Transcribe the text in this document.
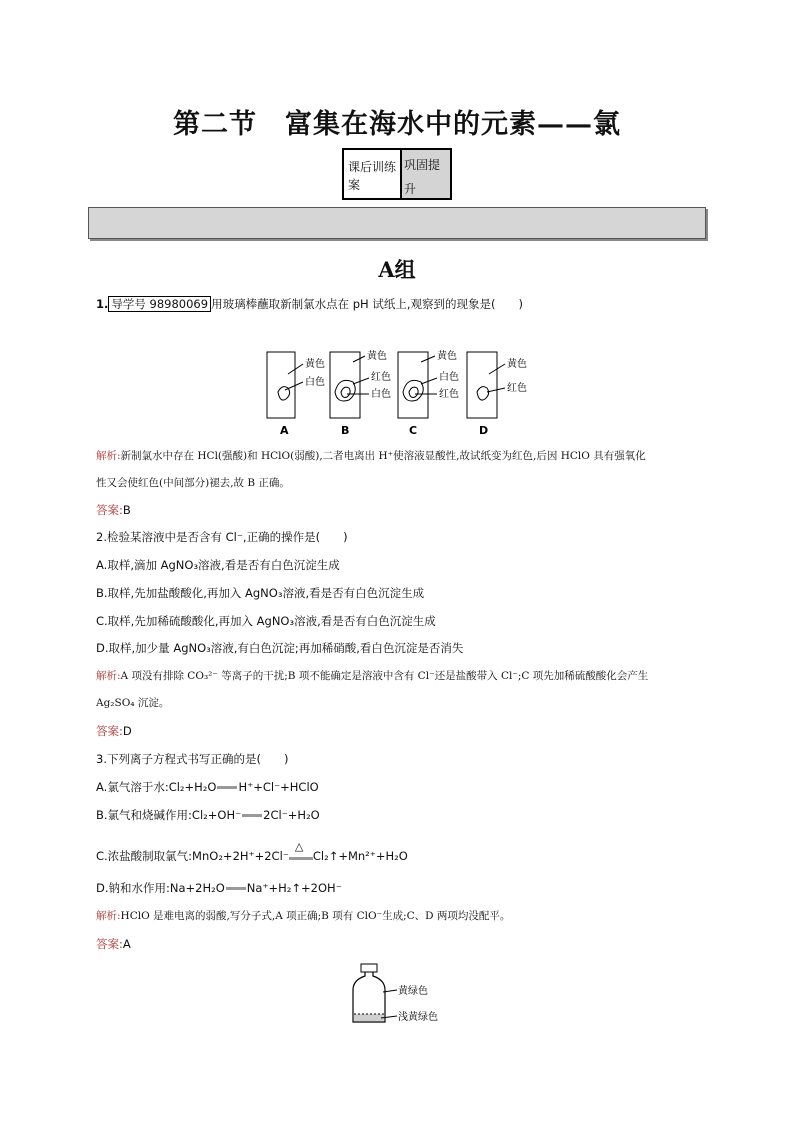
第二节　富集在海水中的元素——氯
课后训练案
巩固提升
A组
1. 导学号 98980069 用玻璃棒蘸取新制氯水点在 pH 试纸上,观察到的现象是(　　)
黄色
白色
A
黄色
红色
白色
B
黄色
白色
红色
C
黄色
红色
D
解析:新制氯水中存在 HCl(强酸)和 HClO(弱酸),二者电离出 H⁺使溶液显酸性,故试纸变为红色,后因 HClO 具有强氧化
性又会使红色(中间部分)褪去,故 B 正确。
答案:B
2.检验某溶液中是否含有 Cl⁻,正确的操作是(　　)
A.取样,滴加 AgNO₃溶液,看是否有白色沉淀生成
B.取样,先加盐酸酸化,再加入 AgNO₃溶液,看是否有白色沉淀生成
C.取样,先加稀硫酸酸化,再加入 AgNO₃溶液,看是否有白色沉淀生成
D.取样,加少量 AgNO₃溶液,有白色沉淀;再加稀硝酸,看白色沉淀是否消失
解析:A 项没有排除 CO₃²⁻ 等离子的干扰;B 项不能确定是溶液中含有 Cl⁻还是盐酸带入 Cl⁻;C 项先加稀硫酸酸化会产生
Ag₂SO₄ 沉淀。
答案:D
3.下列离子方程式书写正确的是(　　)
A.氯气溶于水:Cl₂+H₂O H⁺+Cl⁻+HClO
B.氯气和烧碱作用:Cl₂+OH⁻ 2Cl⁻+H₂O
C.浓盐酸制取氯气:MnO₂+2H⁺+2Cl⁻
△
Cl₂↑+Mn²⁺+H₂O
D.钠和水作用:Na+2H₂O Na⁺+H₂↑+2OH⁻
解析:HClO 是难电离的弱酸,写分子式,A 项正确;B 项有 ClO⁻生成;C、D 两项均没配平。
答案:A
黄绿色
浅黄绿色
